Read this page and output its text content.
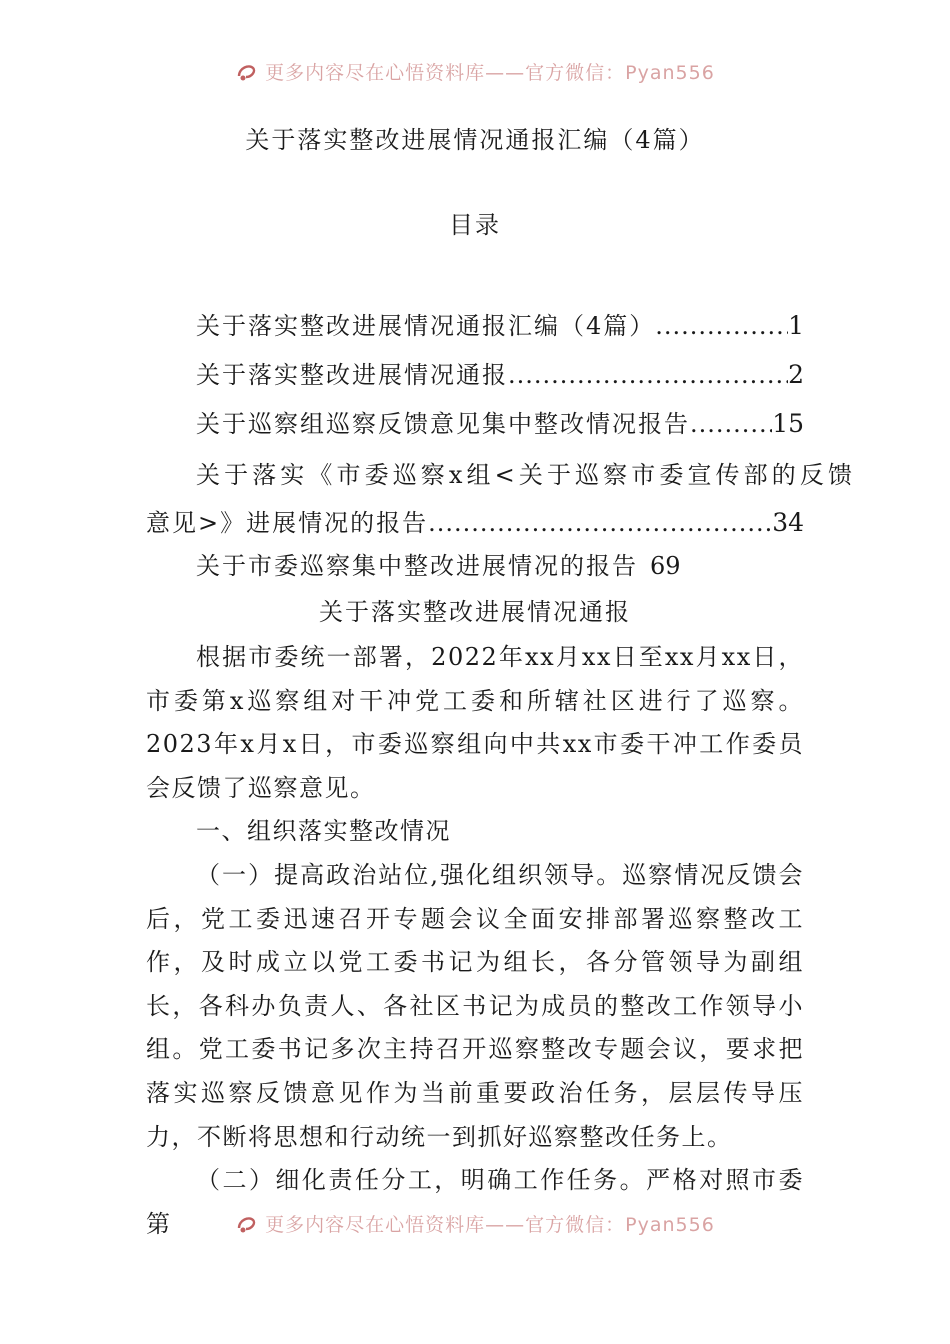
更多内容尽在心悟资料库——官方微信：Pyan556
关于落实整改进展情况通报汇编（4篇）
目录
关于落实整改进展情况通报汇编（4篇） .....	1
关于落实整改进展情况通报 .....	2
关于巡察组巡察反馈意见集中整改情况报告 .....	15
关于落实《市委巡察x组<关于巡察市委宣传部的反馈
意见>》进展情况的报告 .....	34
关于市委巡察集中整改进展情况的报告 69
关于落实整改进展情况通报

根据市委统一部署，2022年xx月xx日至xx月xx日，市委第x巡察组对干冲党工委和所辖社区进行了巡察。2023年x月x日，市委巡察组向中共xx市委干冲工作委员会反馈了巡察意见。

一、组织落实整改情况

（一）提高政治站位,强化组织领导。巡察情况反馈会后，党工委迅速召开专题会议全面安排部署巡察整改工作，及时成立以党工委书记为组长，各分管领导为副组长，各科办负责人、各社区书记为成员的整改工作领导小组。党工委书记多次主持召开巡察整改专题会议，要求把落实巡察反馈意见作为当前重要政治任务，层层传导压力，不断将思想和行动统一到抓好巡察整改任务上。

（二）细化责任分工，明确工作任务。严格对照市委第	更多内容尽在心悟资料库——官方微信：Pyan556
